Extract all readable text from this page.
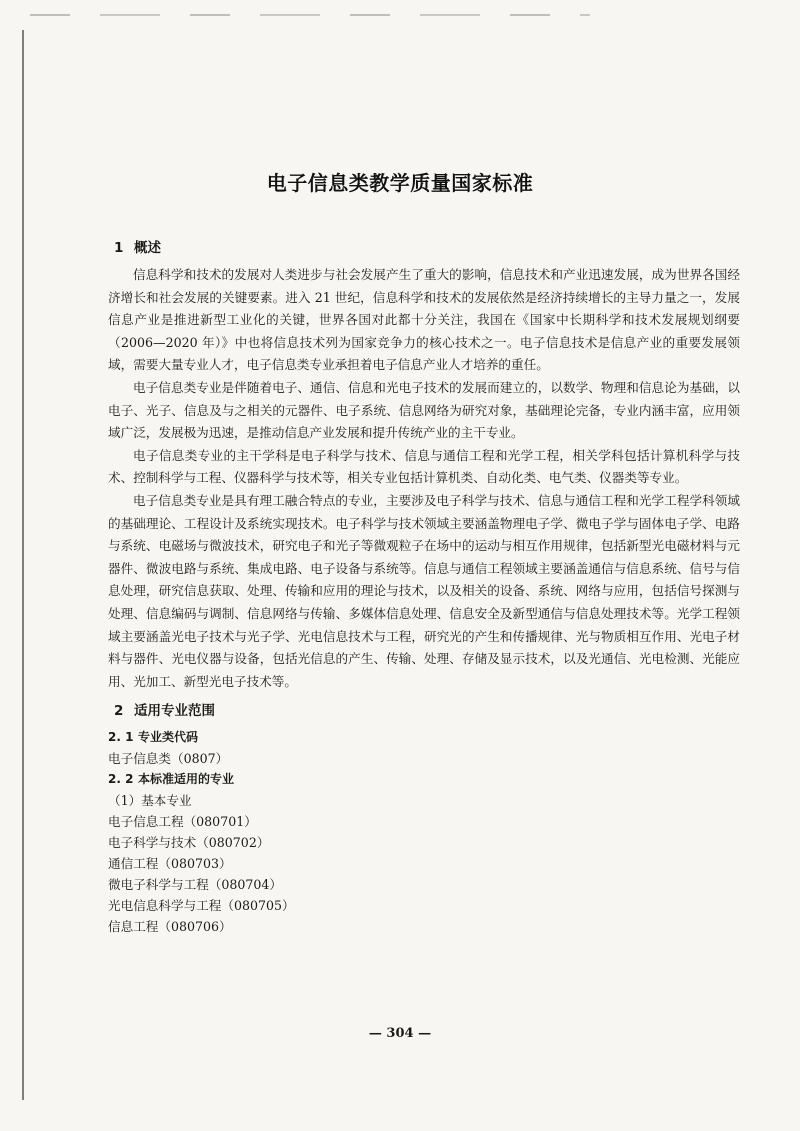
电子信息类教学质量国家标准
1 概述

信息科学和技术的发展对人类进步与社会发展产生了重大的影响，信息技术和产业迅速发展，成为世界各国经济增长和社会发展的关键要素。进入 21 世纪，信息科学和技术的发展依然是经济持续增长的主导力量之一，发展信息产业是推进新型工业化的关键，世界各国对此都十分关注，我国在《国家中长期科学和技术发展规划纲要（2006—2020 年）》中也将信息技术列为国家竞争力的核心技术之一。电子信息技术是信息产业的重要发展领域，需要大量专业人才，电子信息类专业承担着电子信息产业人才培养的重任。

电子信息类专业是伴随着电子、通信、信息和光电子技术的发展而建立的，以数学、物理和信息论为基础，以电子、光子、信息及与之相关的元器件、电子系统、信息网络为研究对象，基础理论完备，专业内涵丰富，应用领域广泛，发展极为迅速，是推动信息产业发展和提升传统产业的主干专业。

电子信息类专业的主干学科是电子科学与技术、信息与通信工程和光学工程，相关学科包括计算机科学与技术、控制科学与工程、仪器科学与技术等，相关专业包括计算机类、自动化类、电气类、仪器类等专业。

电子信息类专业是具有理工融合特点的专业，主要涉及电子科学与技术、信息与通信工程和光学工程学科领域的基础理论、工程设计及系统实现技术。电子科学与技术领域主要涵盖物理电子学、微电子学与固体电子学、电路与系统、电磁场与微波技术，研究电子和光子等微观粒子在场中的运动与相互作用规律，包括新型光电磁材料与元器件、微波电路与系统、集成电路、电子设备与系统等。信息与通信工程领域主要涵盖通信与信息系统、信号与信息处理，研究信息获取、处理、传输和应用的理论与技术，以及相关的设备、系统、网络与应用，包括信号探测与处理、信息编码与调制、信息网络与传输、多媒体信息处理、信息安全及新型通信与信息处理技术等。光学工程领域主要涵盖光电子技术与光子学、光电信息技术与工程，研究光的产生和传播规律、光与物质相互作用、光电子材料与器件、光电仪器与设备，包括光信息的产生、传输、处理、存储及显示技术，以及光通信、光电检测、光能应用、光加工、新型光电子技术等。

2 适用专业范围
2. 1 专业类代码

电子信息类（0807）

2. 2 本标准适用的专业

（1）基本专业

电子信息工程（080701）

电子科学与技术（080702）

通信工程（080703）

微电子科学与工程（080704）

光电信息科学与工程（080705）

信息工程（080706）

— 304 —
